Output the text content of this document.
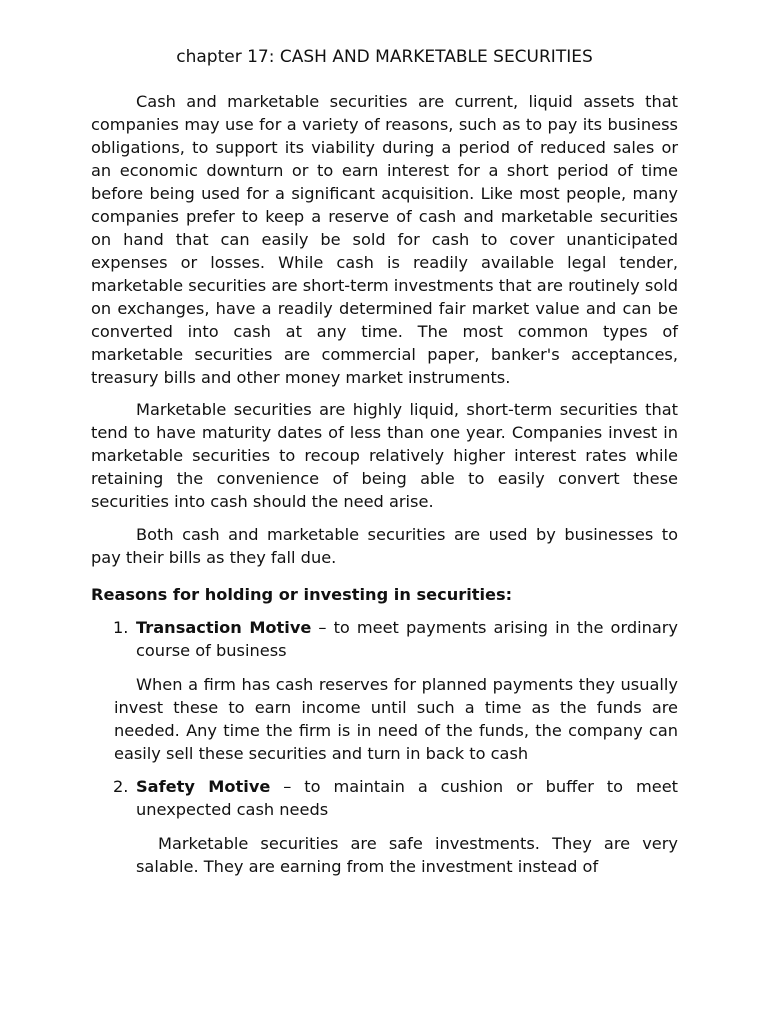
chapter 17: CASH AND MARKETABLE SECURITIES

Cash and marketable securities are current, liquid assets that companies may use for a variety of reasons, such as to pay its business obligations, to support its viability during a period of reduced sales or an economic downturn or to earn interest for a short period of time before being used for a significant acquisition. Like most people, many companies prefer to keep a reserve of cash and marketable securities on hand that can easily be sold for cash to cover unanticipated expenses or losses. While cash is readily available legal tender, marketable securities are short-term investments that are routinely sold on exchanges, have a readily determined fair market value and can be converted into cash at any time. The most common types of marketable securities are commercial paper, banker's acceptances, treasury bills and other money market instruments.

Marketable securities are highly liquid, short-term securities that tend to have maturity dates of less than one year. Companies invest in marketable securities to recoup relatively higher interest rates while retaining the convenience of being able to easily convert these securities into cash should the need arise.

Both cash and marketable securities are used by businesses to pay their bills as they fall due.

Reasons for holding or investing in securities:
1. Transaction Motive – to meet payments arising in the ordinary course of business

When a firm has cash reserves for planned payments they usually invest these to earn income until such a time as the funds are needed. Any time the firm is in need of the funds, the company can easily sell these securities and turn in back to cash

2. Safety Motive – to maintain a cushion or buffer to meet unexpected cash needs

Marketable securities are safe investments. They are very salable. They are earning from the investment instead of
